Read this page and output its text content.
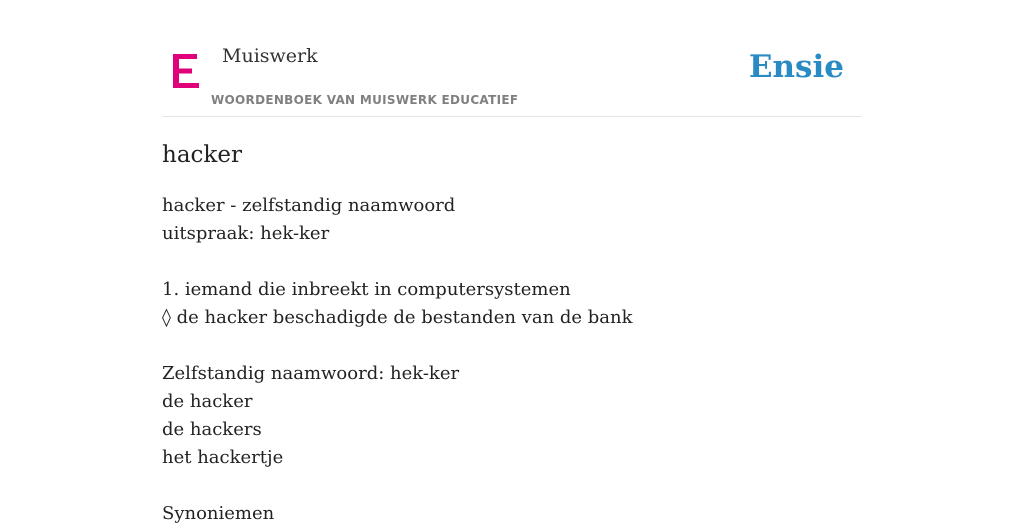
Muiswerk
WOORDENBOEK VAN MUISWERK EDUCATIEF
Ensie
hacker
hacker - zelfstandig naamwoord
uitspraak: hek-ker
1. iemand die inbreekt in computersystemen
◊ de hacker beschadigde de bestanden van de bank
Zelfstandig naamwoord: hek-ker
de hacker
de hackers
het hackertje
Synoniemen
